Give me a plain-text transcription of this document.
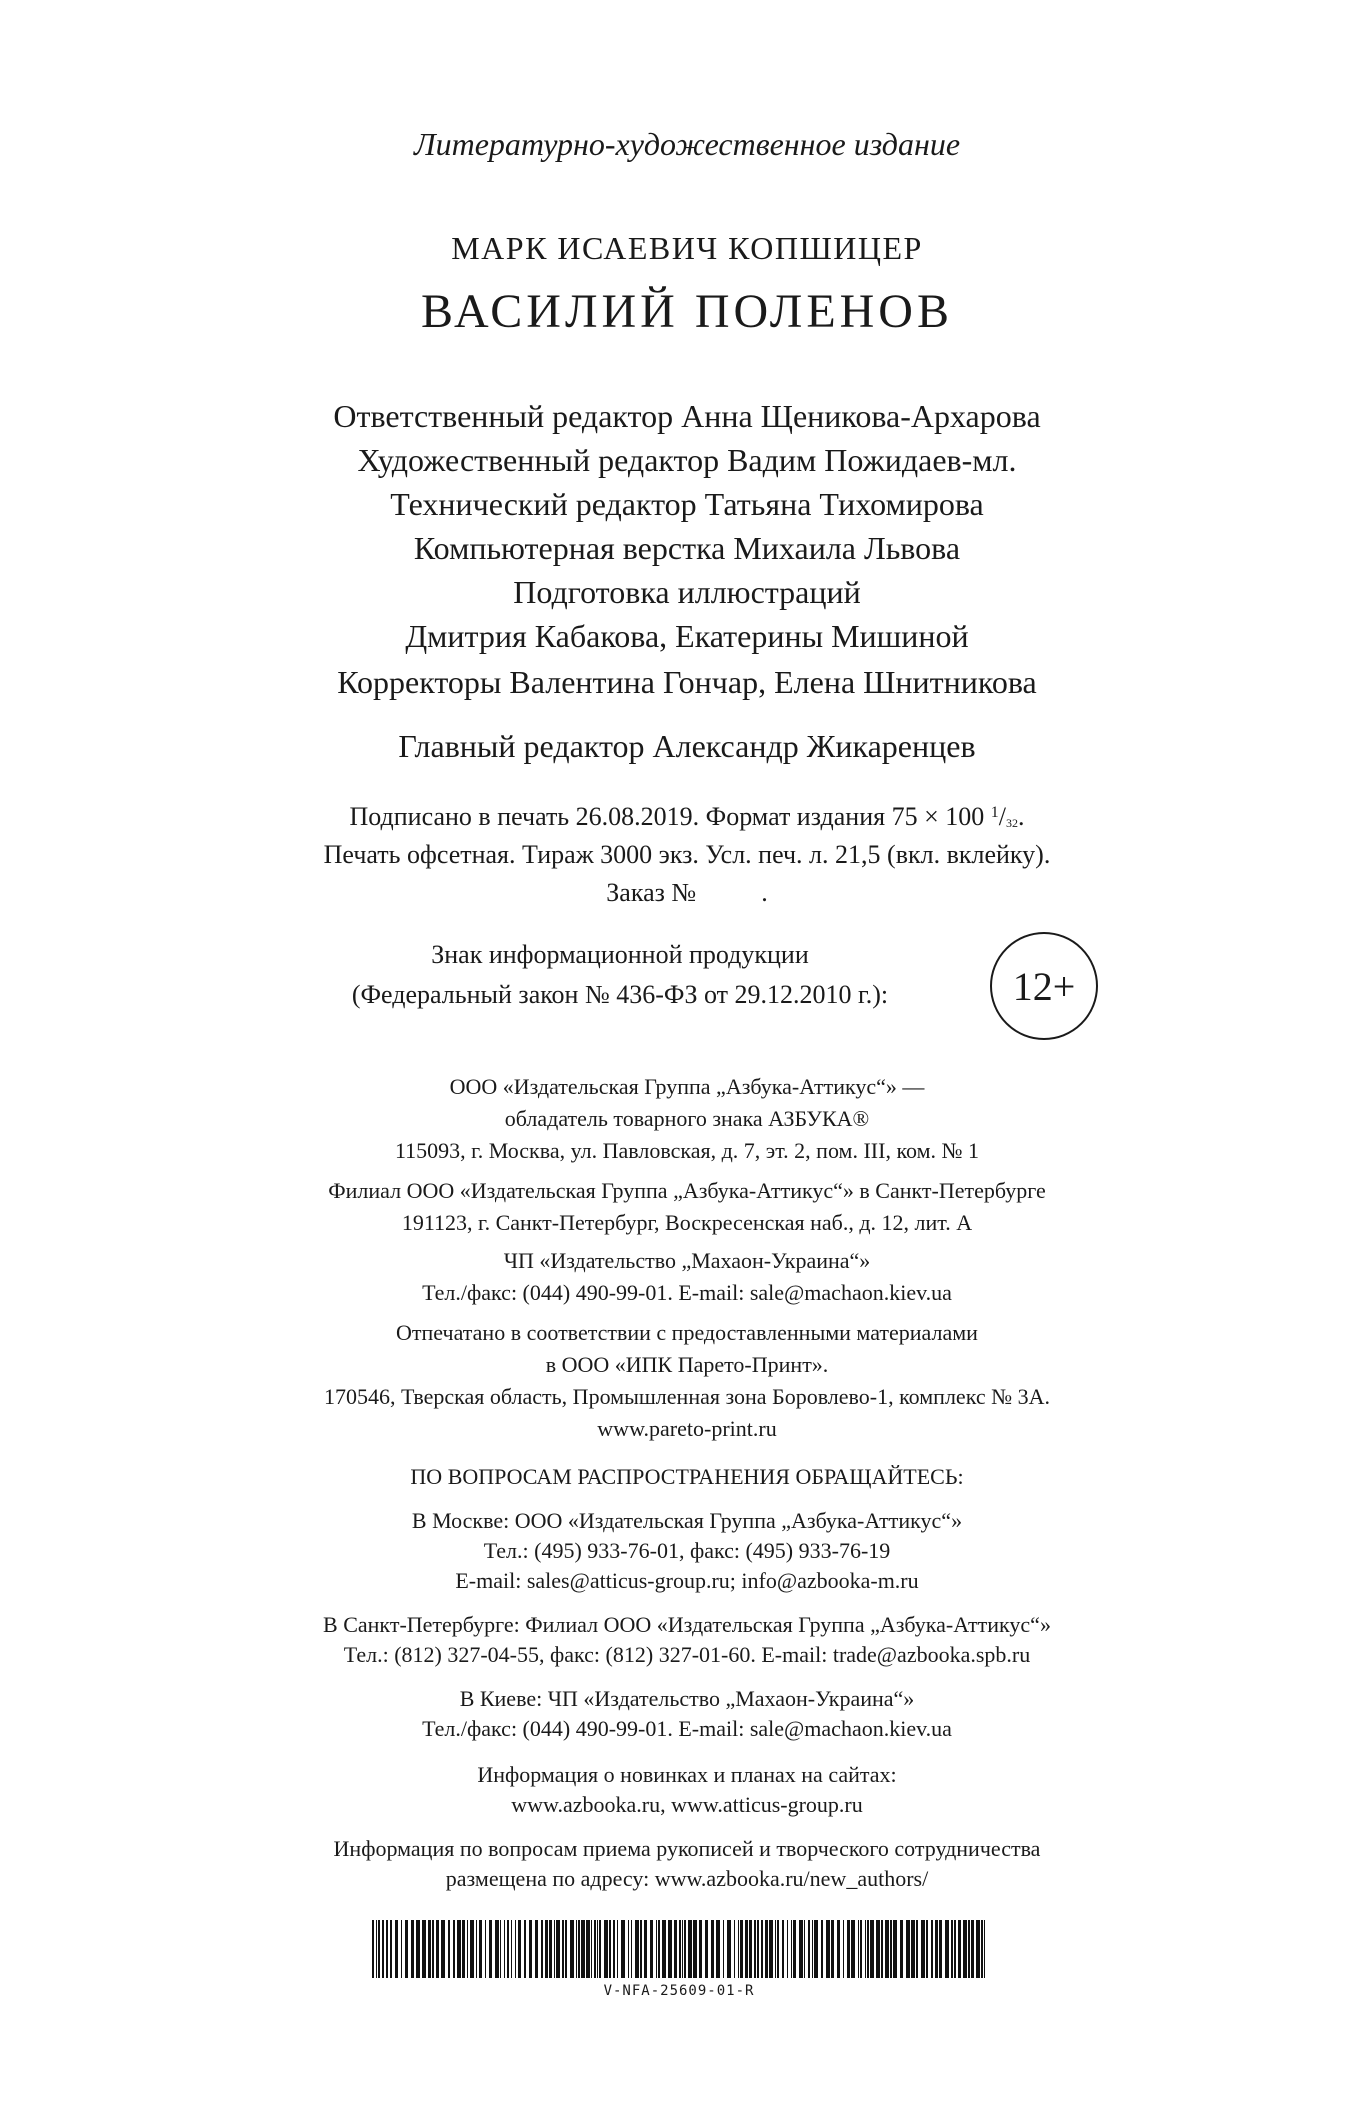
Литературно-художественное издание
МАРК ИСАЕВИЧ КОПШИЦЕР
ВАСИЛИЙ ПОЛЕНОВ
Ответственный редактор Анна Щеникова-Архарова
Художественный редактор Вадим Пожидаев-мл.
Технический редактор Татьяна Тихомирова
Компьютерная верстка Михаила Львова
Подготовка иллюстраций
Дмитрия Кабакова, Екатерины Мишиной
Корректоры Валентина Гончар, Елена Шнитникова
Главный редактор Александр Жикаренцев
Подписано в печать 26.08.2019. Формат издания 75 × 100 $^1$/32.
Печать офсетная. Тираж 3000 экз. Усл. печ. л. 21,5 (вкл. вклейку).
Заказ №          .
Знак информационной продукции
(Федеральный закон № 436-ФЗ от 29.12.2010 г.):	12+
ООО «Издательская Группа „Азбука-Аттикус“» —
обладатель товарного знака АЗБУКА®
115093, г. Москва, ул. Павловская, д. 7, эт. 2, пом. III, ком. № 1
Филиал ООО «Издательская Группа „Азбука-Аттикус“» в Санкт-Петербурге
191123, г. Санкт-Петербург, Воскресенская наб., д. 12, лит. А
ЧП «Издательство „Махаон-Украина“»
Тел./факс: (044) 490-99-01. E-mail: sale@machaon.kiev.ua
Отпечатано в соответствии с предоставленными материалами
в ООО «ИПК Парето-Принт».
170546, Тверская область, Промышленная зона Боровлево-1, комплекс № 3А.
www.pareto-print.ru
ПО ВОПРОСАМ РАСПРОСТРАНЕНИЯ ОБРАЩАЙТЕСЬ:
В Москве: ООО «Издательская Группа „Азбука-Аттикус“»
Тел.: (495) 933-76-01, факс: (495) 933-76-19
E-mail: sales@atticus-group.ru; info@azbooka-m.ru
В Санкт-Петербурге: Филиал ООО «Издательская Группа „Азбука-Аттикус“»
Тел.: (812) 327-04-55, факс: (812) 327-01-60. E-mail: trade@azbooka.spb.ru
В Киеве: ЧП «Издательство „Махаон-Украина“»
Тел./факс: (044) 490-99-01. E-mail: sale@machaon.kiev.ua
Информация о новинках и планах на сайтах:
www.azbooka.ru, www.atticus-group.ru
Информация по вопросам приема рукописей и творческого сотрудничества
размещена по адресу: www.azbooka.ru/new_authors/
V-NFA-25609-01-R
